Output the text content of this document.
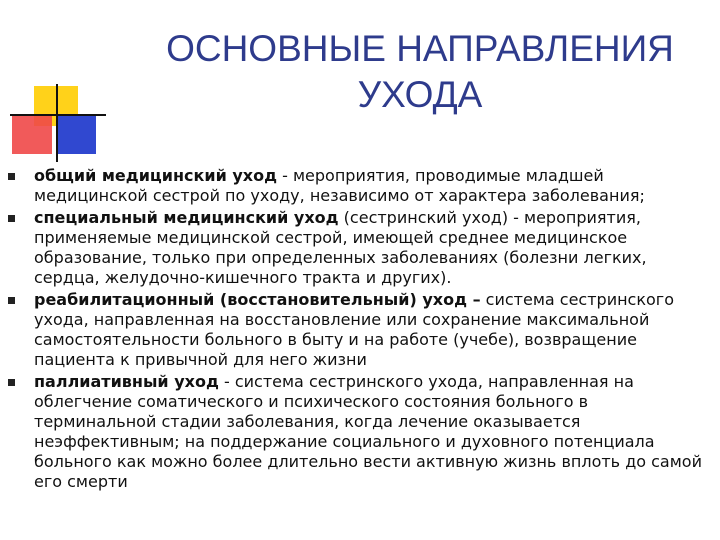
ОСНОВНЫЕ НАПРАВЛЕНИЯ
УХОДА
общий медицинский уход - мероприятия, проводимые младшей медицинской сестрой по уходу, независимо от характера заболевания;
специальный медицинский уход (сестринский уход) - мероприятия, применяемые медицинской сестрой, имеющей среднее медицинское образование, только при определенных заболеваниях (болезни легких, сердца, желудочно-кишечного тракта и других).
реабилитационный (восстановительный) уход – система сестринского ухода, направленная на восстановление или сохранение максимальной самостоятельности больного в быту и на работе (учебе), возвращение пациента к привычной для него жизни
паллиативный уход - система сестринского ухода, направленная на облегчение соматического и психического состояния больного в терминальной стадии заболевания, когда лечение оказывается неэффективным; на поддержание социального и духовного потенциала больного как можно более длительно вести активную жизнь вплоть до самой его смерти
